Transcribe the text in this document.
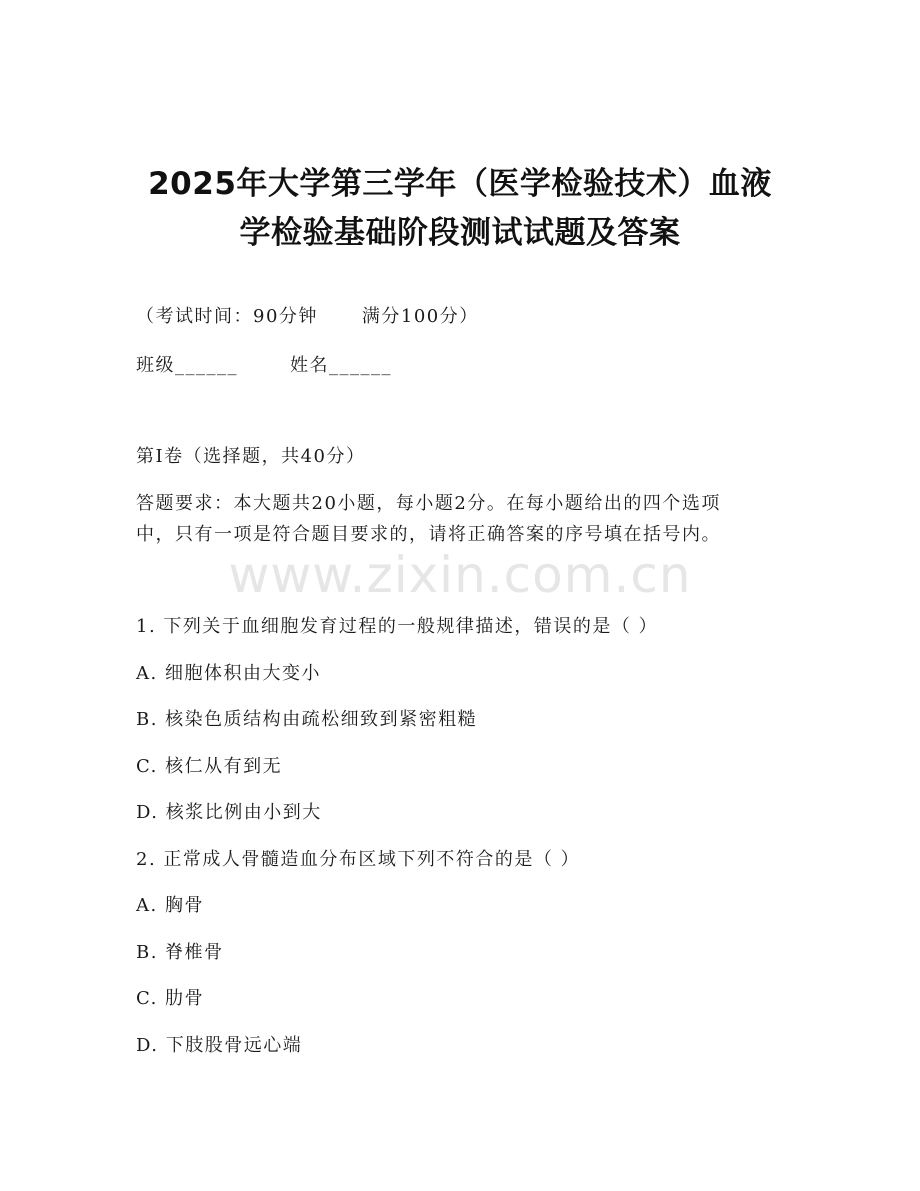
www.zixin.com.cn
2025年大学第三学年（医学检验技术）血液
学检验基础阶段测试试题及答案
（考试时间：90分钟 满分100分）
班级______	姓名______
第I卷（选择题，共40分）
答题要求：本大题共20小题，每小题2分。在每小题给出的四个选项
中，只有一项是符合题目要求的，请将正确答案的序号填在括号内。
1. 下列关于血细胞发育过程的一般规律描述，错误的是（ ）
A. 细胞体积由大变小
B. 核染色质结构由疏松细致到紧密粗糙
C. 核仁从有到无
D. 核浆比例由小到大
2. 正常成人骨髓造血分布区域下列不符合的是（ ）
A. 胸骨
B. 脊椎骨
C. 肋骨
D. 下肢股骨远心端
